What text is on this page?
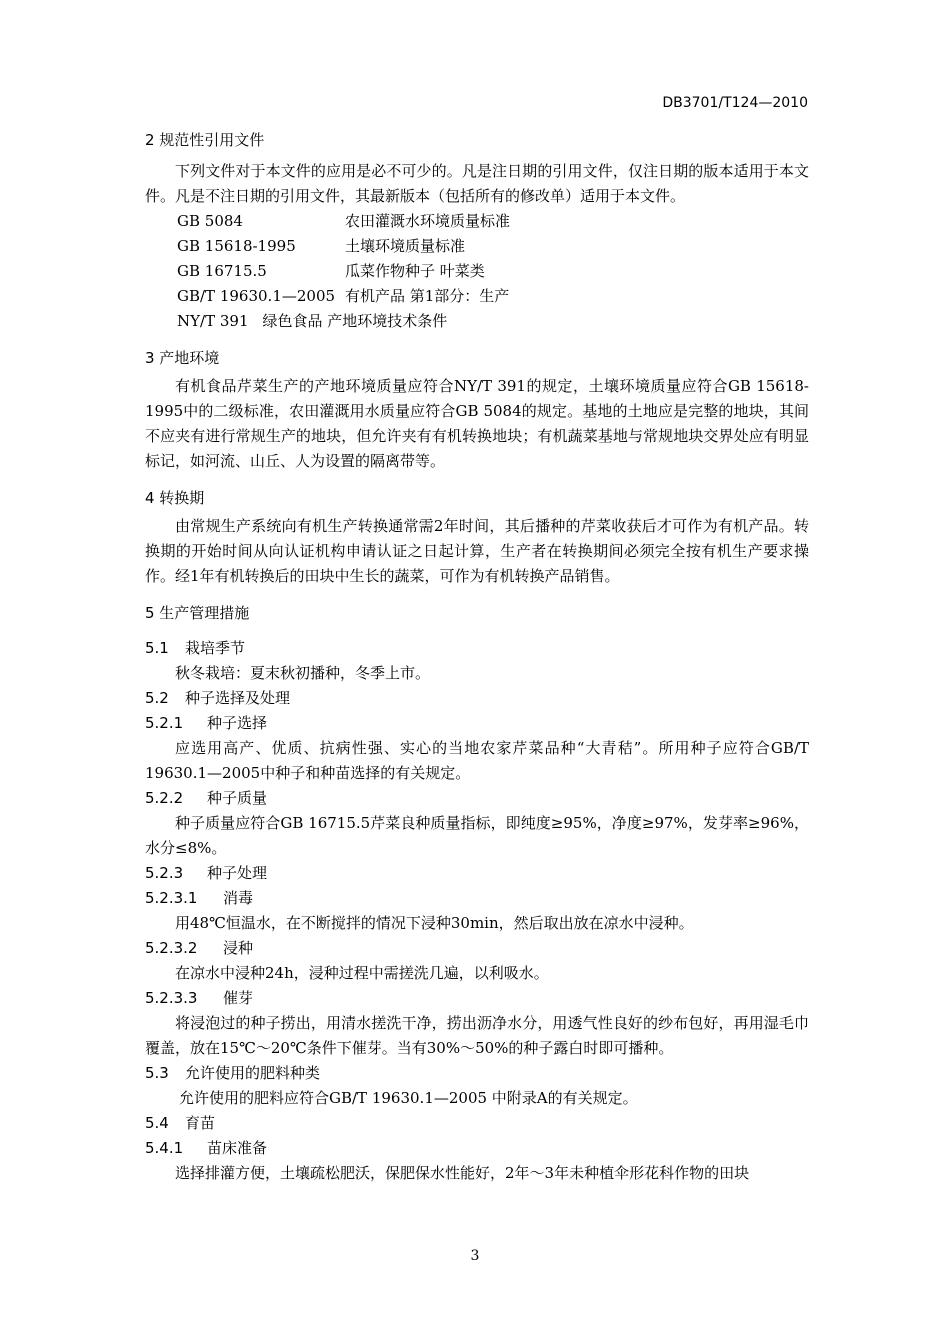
DB3701/T124—2010
2 规范性引用文件

下列文件对于本文件的应用是必不可少的。凡是注日期的引用文件，仅注日期的版本适用于本文件。凡是不注日期的引用文件，其最新版本（包括所有的修改单）适用于本文件。

GB 5084	农田灌溉水环境质量标准
GB 15618-1995	土壤环境质量标准
GB 16715.5	瓜菜作物种子 叶菜类
GB/T 19630.1—2005 有机产品 第1部分：生产
NY/T 391 绿色食品 产地环境技术条件
3 产地环境

有机食品芹菜生产的产地环境质量应符合NY/T 391的规定，土壤环境质量应符合GB 15618-1995中的二级标准，农田灌溉用水质量应符合GB 5084的规定。基地的土地应是完整的地块，其间不应夹有进行常规生产的地块，但允许夹有有机转换地块；有机蔬菜基地与常规地块交界处应有明显标记，如河流、山丘、人为设置的隔离带等。

4 转换期

由常规生产系统向有机生产转换通常需2年时间，其后播种的芹菜收获后才可作为有机产品。转换期的开始时间从向认证机构申请认证之日起计算，生产者在转换期间必须完全按有机生产要求操作。经1年有机转换后的田块中生长的蔬菜，可作为有机转换产品销售。

5 生产管理措施
5.1 栽培季节

秋冬栽培：夏末秋初播种，冬季上市。

5.2 种子选择及处理
5.2.1 种子选择

应选用高产、优质、抗病性强、实心的当地农家芹菜品种“大青秸”。所用种子应符合GB/T 19630.1—2005中种子和种苗选择的有关规定。

5.2.2 种子质量

种子质量应符合GB 16715.5芹菜良种质量指标，即纯度≥95%，净度≥97%，发芽率≥96%，水分≤8%。

5.2.3 种子处理
5.2.3.1 消毒

用48℃恒温水，在不断搅拌的情况下浸种30min，然后取出放在凉水中浸种。

5.2.3.2 浸种

在凉水中浸种24h，浸种过程中需搓洗几遍，以利吸水。

5.2.3.3 催芽

将浸泡过的种子捞出，用清水搓洗干净，捞出沥净水分，用透气性良好的纱布包好，再用湿毛巾覆盖，放在15℃～20℃条件下催芽。当有30%～50%的种子露白时即可播种。

5.3 允许使用的肥料种类

允许使用的肥料应符合GB/T 19630.1—2005 中附录A的有关规定。

5.4 育苗
5.4.1 苗床准备

选择排灌方便，土壤疏松肥沃，保肥保水性能好，2年～3年未种植伞形花科作物的田块

3
